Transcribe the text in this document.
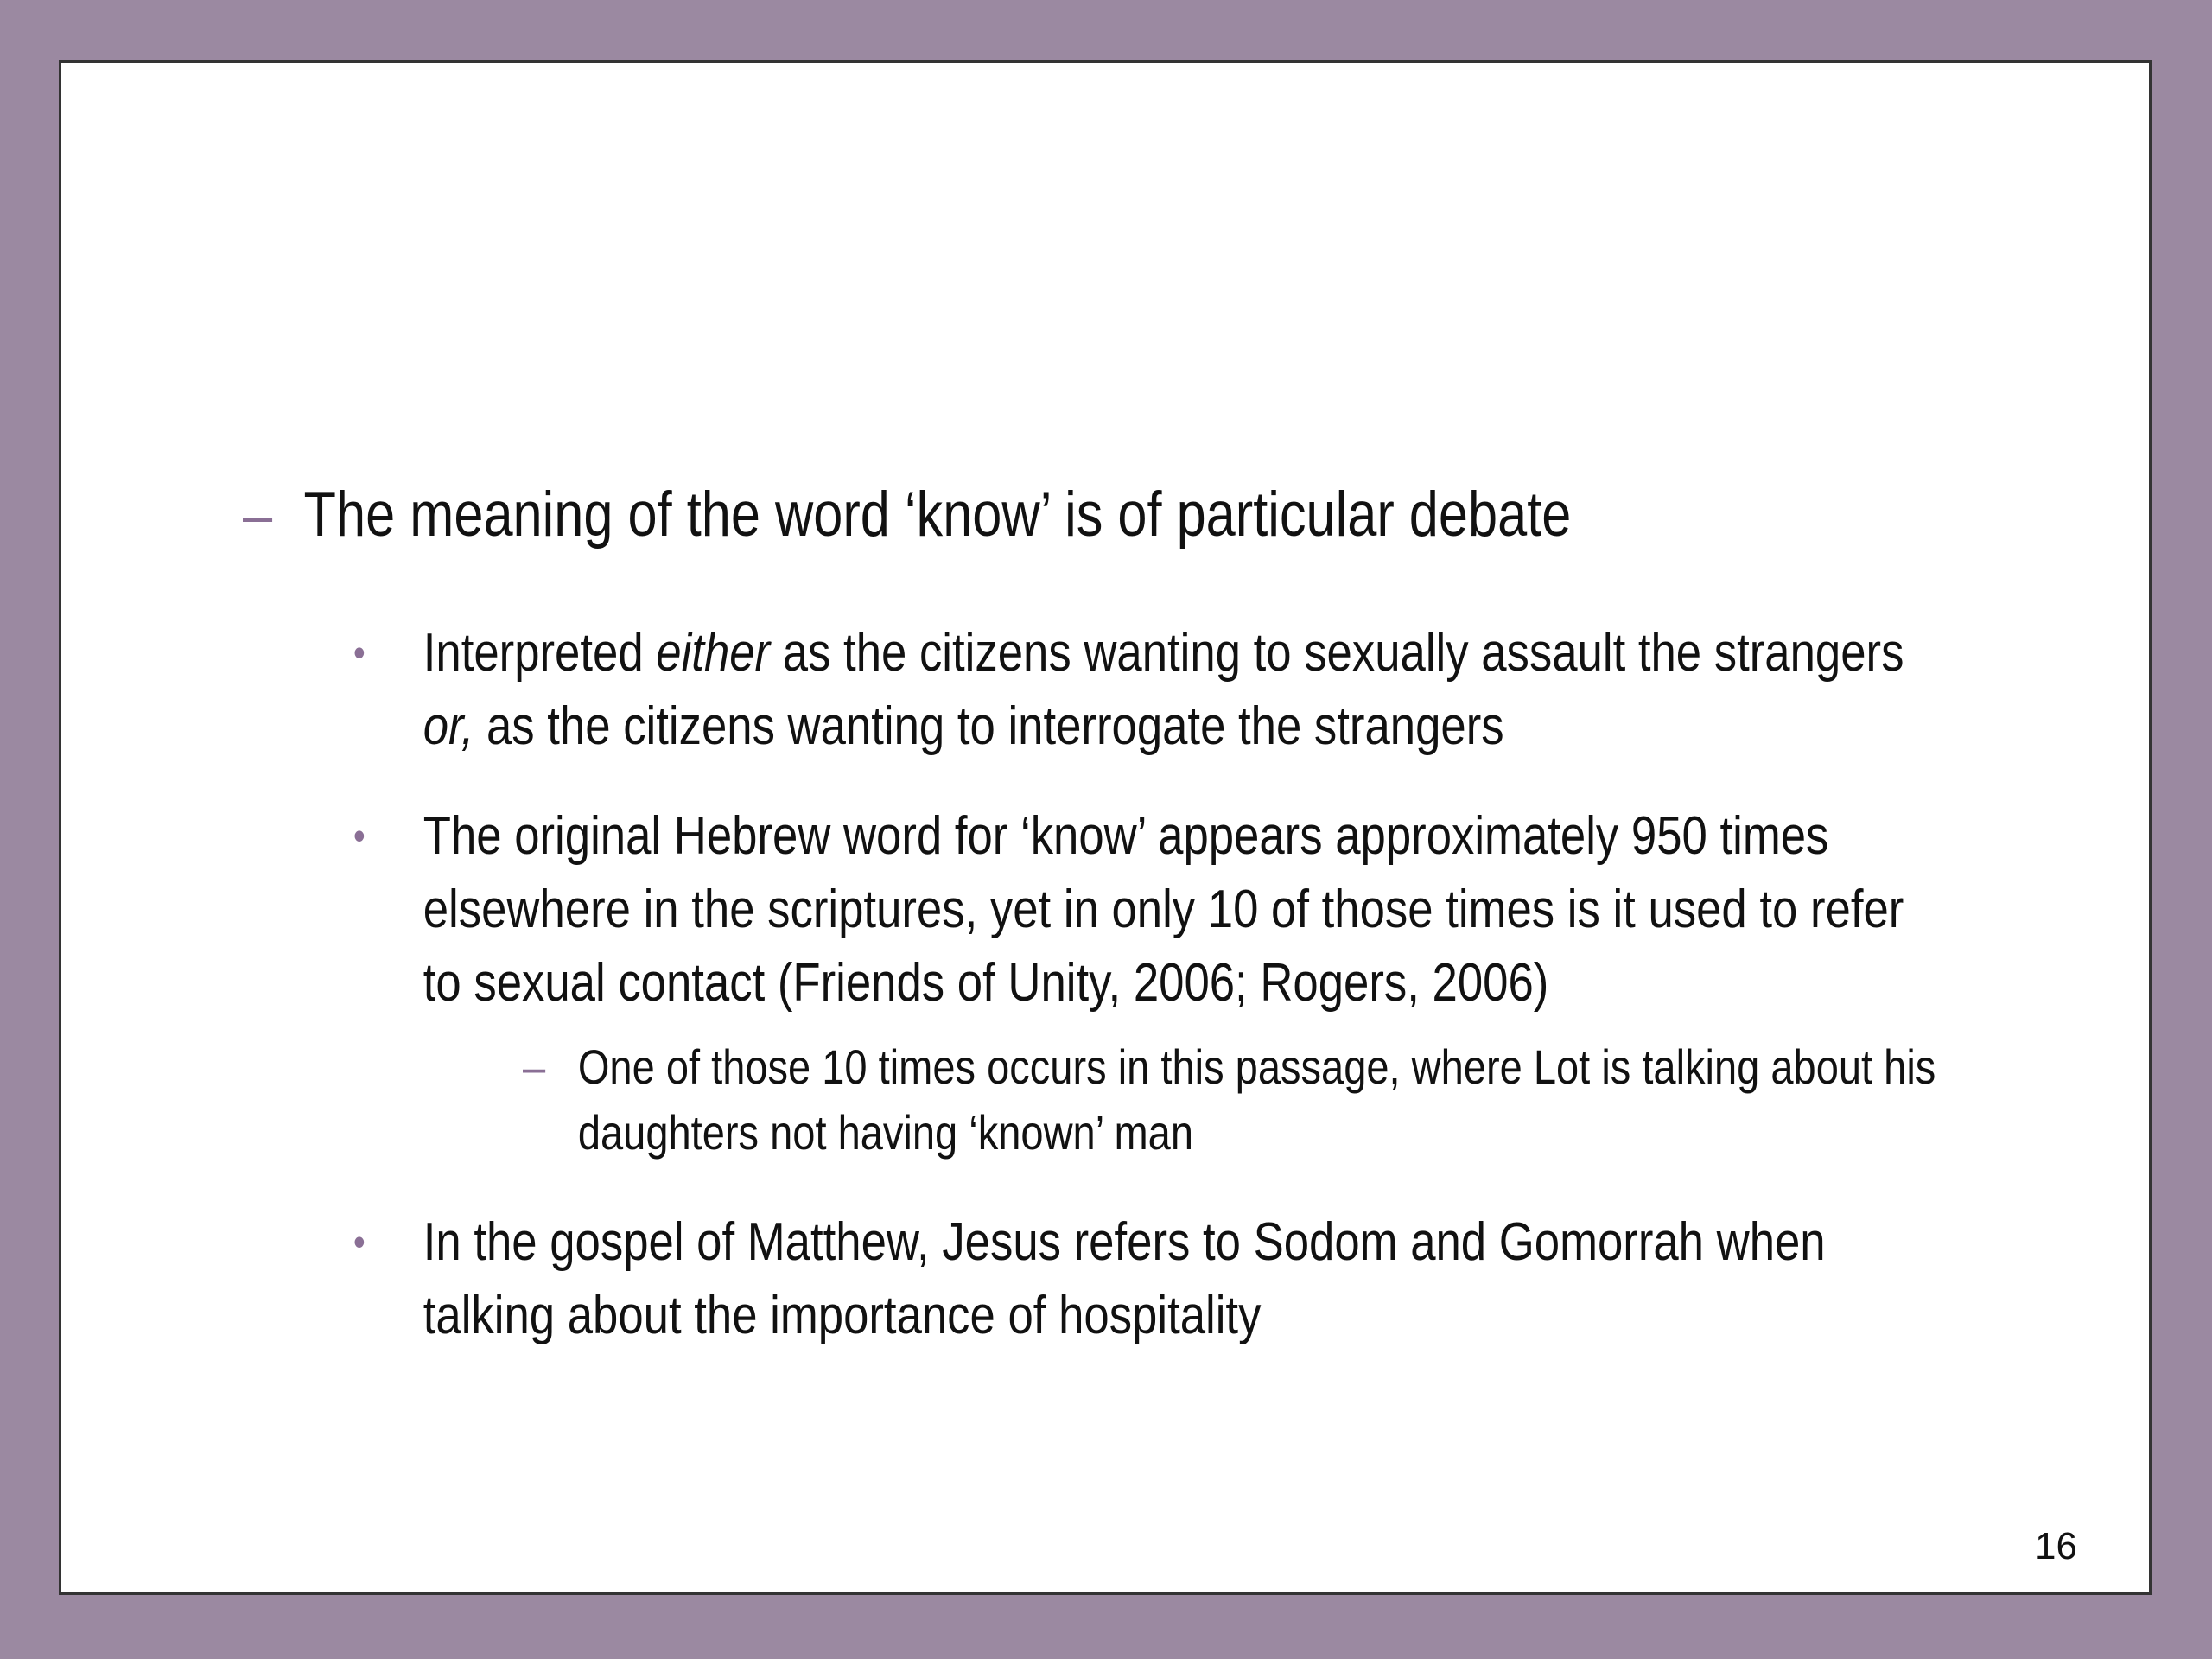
– The meaning of the word ‘know’ is of particular debate
• Interpreted either as the citizens wanting to sexually assault the strangers
or, as the citizens wanting to interrogate the strangers
• The original Hebrew word for ‘know’ appears approximately 950 times elsewhere in the scriptures, yet in only 10 of those times is it used to refer to sexual contact (Friends of Unity, 2006; Rogers, 2006)
– One of those 10 times occurs in this passage, where Lot is talking about his daughters not having ‘known’ man
• In the gospel of Matthew, Jesus refers to Sodom and Gomorrah when talking about the importance of hospitality
16
